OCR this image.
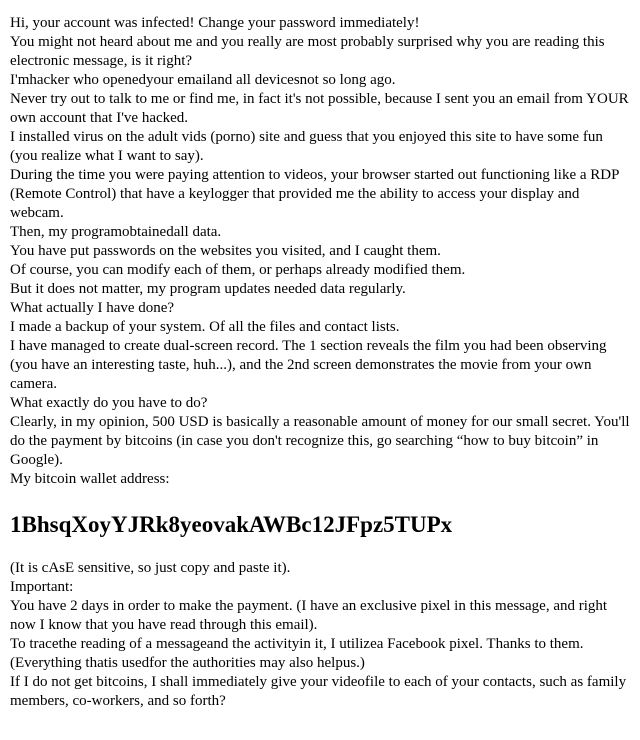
Hi, your account was infected! Change your password immediately!

You might not heard about me and you really are most probably surprised why you are reading this electronic message, is it right?

I'mhacker who openedyour emailand all devicesnot so long ago.

Never try out to talk to me or find me, in fact it's not possible, because I sent you an email from YOUR own account that I've hacked.

I installed virus on the adult vids (porno) site and guess that you enjoyed this site to have some fun (you realize what I want to say).

During the time you were paying attention to videos, your browser started out functioning like a RDP (Remote Control) that have a keylogger that provided me the ability to access your display and webcam.

Then, my programobtainedall data.

You have put passwords on the websites you visited, and I caught them.

Of course, you can modify each of them, or perhaps already modified them.

But it does not matter, my program updates needed data regularly.

What actually I have done?

I made a backup of your system. Of all the files and contact lists.

I have managed to create dual-screen record. The 1 section reveals the film you had been observing (you have an interesting taste, huh...), and the 2nd screen demonstrates the movie from your own camera.

What exactly do you have to do?

Clearly, in my opinion, 500 USD is basically a reasonable amount of money for our small secret. You'll do the payment by bitcoins (in case you don't recognize this, go searching “how to buy bitcoin” in Google).

My bitcoin wallet address:

1BhsqXoyYJRk8yeovakAWBc12JFpz5TUPx

(It is cAsE sensitive, so just copy and paste it).

Important:

You have 2 days in order to make the payment. (I have an exclusive pixel in this message, and right now I know that you have read through this email).

To tracethe reading of a messageand the activityin it, I utilizea Facebook pixel. Thanks to them. (Everything thatis usedfor the authorities may also helpus.)

If I do not get bitcoins, I shall immediately give your videofile to each of your contacts, such as family members, co-workers, and so forth?
